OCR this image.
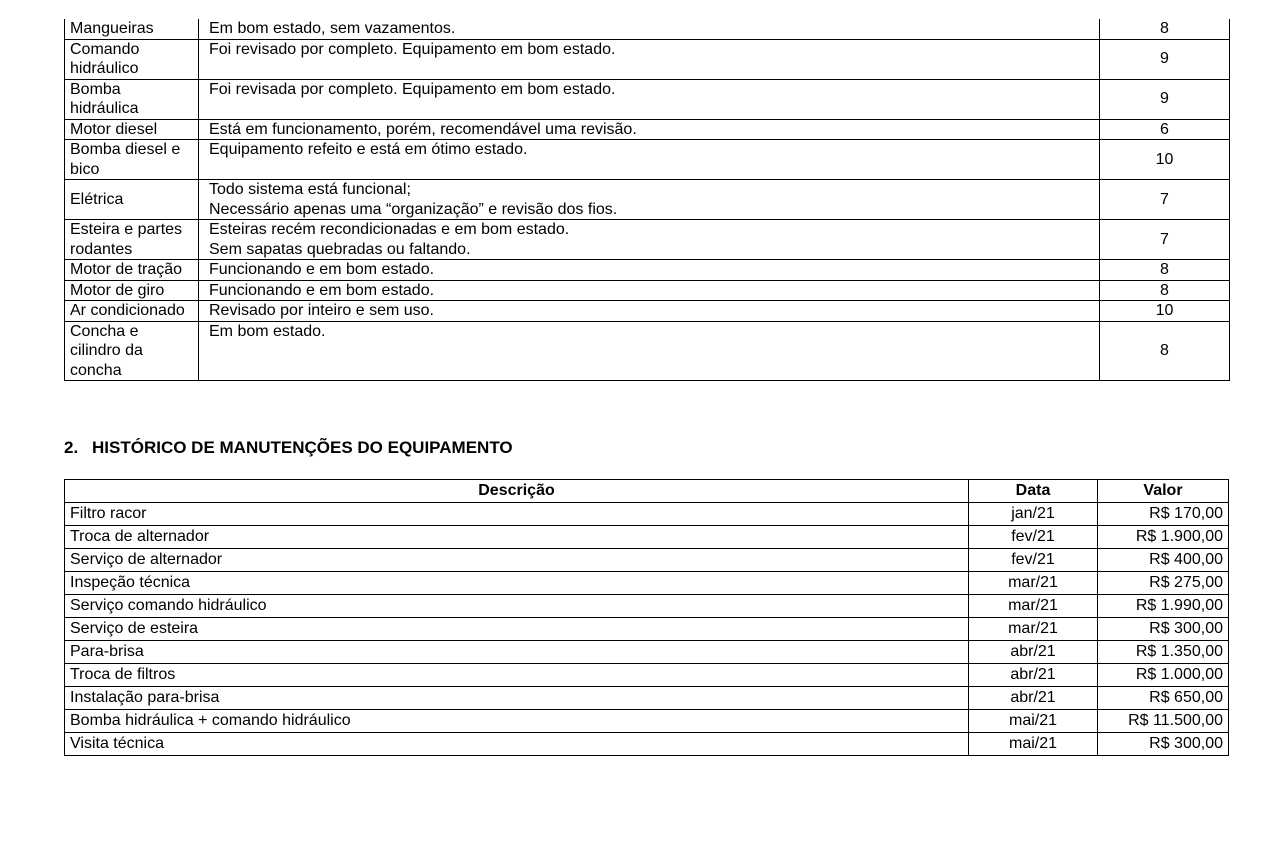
Mangueiras	Em bom estado, sem vazamentos.	8
Comando
hidráulico	Foi revisado por completo. Equipamento em bom estado.	9
Bomba
hidráulica	Foi revisada por completo. Equipamento em bom estado.	9
Motor diesel	Está em funcionamento, porém, recomendável uma revisão.	6
Bomba diesel e
bico	Equipamento refeito e está em ótimo estado.	10
Elétrica	Todo sistema está funcional;
Necessário apenas uma “organização” e revisão dos fios.	7
Esteira e partes
rodantes	Esteiras recém recondicionadas e em bom estado.
Sem sapatas quebradas ou faltando.	7
Motor de tração	Funcionando e em bom estado.	8
Motor de giro	Funcionando e em bom estado.	8
Ar condicionado	Revisado por inteiro e sem uso.	10
Concha e
cilindro da
concha	Em bom estado.	8
2. HISTÓRICO DE MANUTENÇÕES DO EQUIPAMENTO
Descrição	Data	Valor
Filtro racor	jan/21	R$ 170,00
Troca de alternador	fev/21	R$ 1.900,00
Serviço de alternador	fev/21	R$ 400,00
Inspeção técnica	mar/21	R$ 275,00
Serviço comando hidráulico	mar/21	R$ 1.990,00
Serviço de esteira	mar/21	R$ 300,00
Para-brisa	abr/21	R$ 1.350,00
Troca de filtros	abr/21	R$ 1.000,00
Instalação para-brisa	abr/21	R$ 650,00
Bomba hidráulica + comando hidráulico	mai/21	R$ 11.500,00
Visita técnica	mai/21	R$ 300,00
